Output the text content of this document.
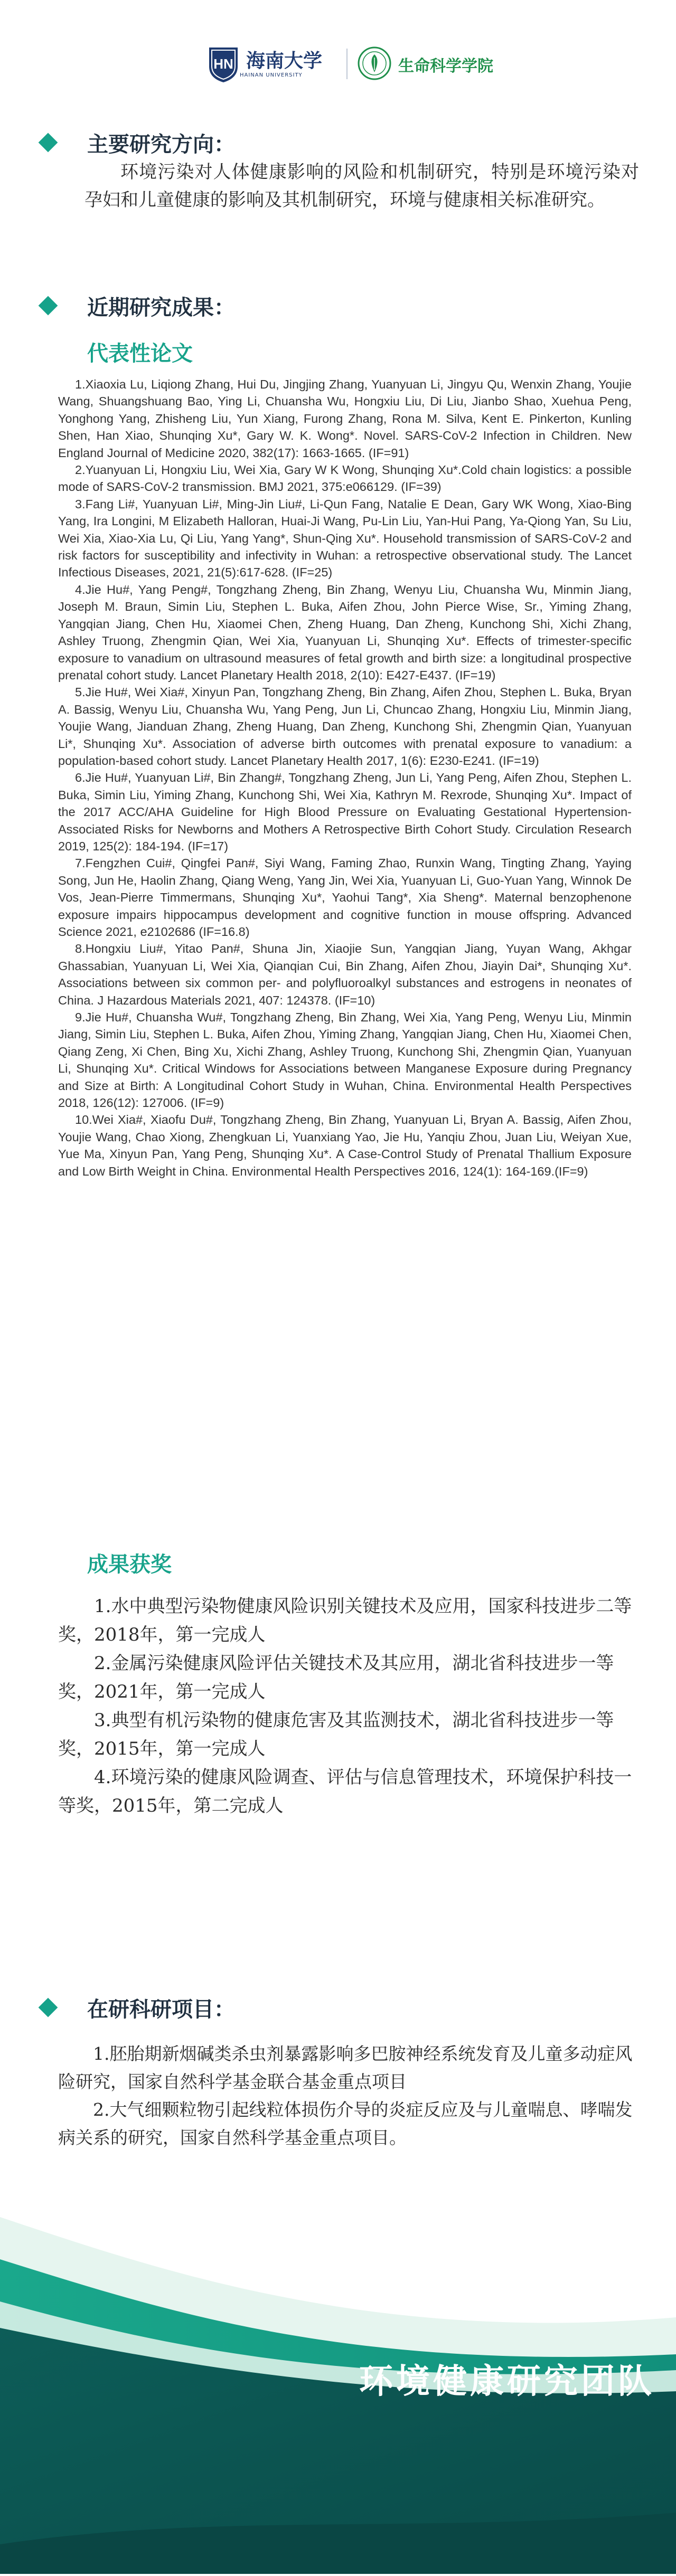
HN 海南大学
HAINAN UNIVERSITY	生命科学学院
主要研究方向：

环境污染对人体健康影响的风险和机制研究，特别是环境污染对孕妇和儿童健康的影响及其机制研究，环境与健康相关标准研究。

近期研究成果：
代表性论文

1.Xiaoxia Lu, Liqiong Zhang, Hui Du, Jingjing Zhang, Yuanyuan Li, Jingyu Qu, Wenxin Zhang, Youjie Wang, Shuangshuang Bao, Ying Li, Chuansha Wu, Hongxiu Liu, Di Liu, Jianbo Shao, Xuehua Peng, Yonghong Yang, Zhisheng Liu, Yun Xiang, Furong Zhang, Rona M. Silva, Kent E. Pinkerton, Kunling Shen, Han Xiao, Shunqing Xu*, Gary W. K. Wong*. Novel. SARS-CoV-2 Infection in Children. New England Journal of Medicine 2020, 382(17): 1663-1665. (IF=91)

2.Yuanyuan Li, Hongxiu Liu, Wei Xia, Gary W K Wong, Shunqing Xu*.Cold chain logistics: a possible mode of SARS-CoV-2 transmission. BMJ 2021, 375:e066129. (IF=39)

3.Fang Li#, Yuanyuan Li#, Ming-Jin Liu#, Li-Qun Fang, Natalie E Dean, Gary WK Wong, Xiao-Bing Yang, Ira Longini, M Elizabeth Halloran, Huai-Ji Wang, Pu-Lin Liu, Yan-Hui Pang, Ya-Qiong Yan, Su Liu, Wei Xia, Xiao-Xia Lu, Qi Liu, Yang Yang*, Shun-Qing Xu*. Household transmission of SARS-CoV-2 and risk factors for susceptibility and infectivity in Wuhan: a retrospective observational study. The Lancet Infectious Diseases, 2021, 21(5):617-628. (IF=25)

4.Jie Hu#, Yang Peng#, Tongzhang Zheng, Bin Zhang, Wenyu Liu, Chuansha Wu, Minmin Jiang, Joseph M. Braun, Simin Liu, Stephen L. Buka, Aifen Zhou, John Pierce Wise, Sr., Yiming Zhang, Yangqian Jiang, Chen Hu, Xiaomei Chen, Zheng Huang, Dan Zheng, Kunchong Shi, Xichi Zhang, Ashley Truong, Zhengmin Qian, Wei Xia, Yuanyuan Li, Shunqing Xu*. Effects of trimester-specific exposure to vanadium on ultrasound measures of fetal growth and birth size: a longitudinal prospective prenatal cohort study. Lancet Planetary Health 2018, 2(10): E427-E437. (IF=19)

5.Jie Hu#, Wei Xia#, Xinyun Pan, Tongzhang Zheng, Bin Zhang, Aifen Zhou, Stephen L. Buka, Bryan A. Bassig, Wenyu Liu, Chuansha Wu, Yang Peng, Jun Li, Chuncao Zhang, Hongxiu Liu, Minmin Jiang, Youjie Wang, Jianduan Zhang, Zheng Huang, Dan Zheng, Kunchong Shi, Zhengmin Qian, Yuanyuan Li*, Shunqing Xu*. Association of adverse birth outcomes with prenatal exposure to vanadium: a population-based cohort study. Lancet Planetary Health 2017, 1(6): E230-E241. (IF=19)

6.Jie Hu#, Yuanyuan Li#, Bin Zhang#, Tongzhang Zheng, Jun Li, Yang Peng, Aifen Zhou, Stephen L. Buka, Simin Liu, Yiming Zhang, Kunchong Shi, Wei Xia, Kathryn M. Rexrode, Shunqing Xu*. Impact of the 2017 ACC/AHA Guideline for High Blood Pressure on Evaluating Gestational Hypertension-Associated Risks for Newborns and Mothers A Retrospective Birth Cohort Study. Circulation Research 2019, 125(2): 184-194. (IF=17)

7.Fengzhen Cui#, Qingfei Pan#, Siyi Wang, Faming Zhao, Runxin Wang, Tingting Zhang, Yaying Song, Jun He, Haolin Zhang, Qiang Weng, Yang Jin, Wei Xia, Yuanyuan Li, Guo-Yuan Yang, Winnok De Vos, Jean-Pierre Timmermans, Shunqing Xu*, Yaohui Tang*, Xia Sheng*. Maternal benzophenone exposure impairs hippocampus development and cognitive function in mouse offspring. Advanced Science 2021, e2102686 (IF=16.8)

8.Hongxiu Liu#, Yitao Pan#, Shuna Jin, Xiaojie Sun, Yangqian Jiang, Yuyan Wang, Akhgar Ghassabian, Yuanyuan Li, Wei Xia, Qianqian Cui, Bin Zhang, Aifen Zhou, Jiayin Dai*, Shunqing Xu*. Associations between six common per- and polyfluoroalkyl substances and estrogens in neonates of China. J Hazardous Materials 2021, 407: 124378. (IF=10)

9.Jie Hu#, Chuansha Wu#, Tongzhang Zheng, Bin Zhang, Wei Xia, Yang Peng, Wenyu Liu, Minmin Jiang, Simin Liu, Stephen L. Buka, Aifen Zhou, Yiming Zhang, Yangqian Jiang, Chen Hu, Xiaomei Chen, Qiang Zeng, Xi Chen, Bing Xu, Xichi Zhang, Ashley Truong, Kunchong Shi, Zhengmin Qian, Yuanyuan Li, Shunqing Xu*. Critical Windows for Associations between Manganese Exposure during Pregnancy and Size at Birth: A Longitudinal Cohort Study in Wuhan, China. Environmental Health Perspectives 2018, 126(12): 127006. (IF=9)

10.Wei Xia#, Xiaofu Du#, Tongzhang Zheng, Bin Zhang, Yuanyuan Li, Bryan A. Bassig, Aifen Zhou, Youjie Wang, Chao Xiong, Zhengkuan Li, Yuanxiang Yao, Jie Hu, Yanqiu Zhou, Juan Liu, Weiyan Xue, Yue Ma, Xinyun Pan, Yang Peng, Shunqing Xu*. A Case-Control Study of Prenatal Thallium Exposure and Low Birth Weight in China. Environmental Health Perspectives 2016, 124(1): 164-169.(IF=9)

成果获奖

1.水中典型污染物健康风险识别关键技术及应用，国家科技进步二等奖，2018年，第一完成人

2.金属污染健康风险评估关键技术及其应用，湖北省科技进步一等奖，2021年，第一完成人

3.典型有机污染物的健康危害及其监测技术，湖北省科技进步一等奖，2015年，第一完成人

4.环境污染的健康风险调查、评估与信息管理技术，环境保护科技一等奖，2015年，第二完成人

在研科研项目：

1.胚胎期新烟碱类杀虫剂暴露影响多巴胺神经系统发育及儿童多动症风险研究，国家自然科学基金联合基金重点项目

2.大气细颗粒物引起线粒体损伤介导的炎症反应及与儿童喘息、哮喘发病关系的研究，国家自然科学基金重点项目。

环境健康研究团队
